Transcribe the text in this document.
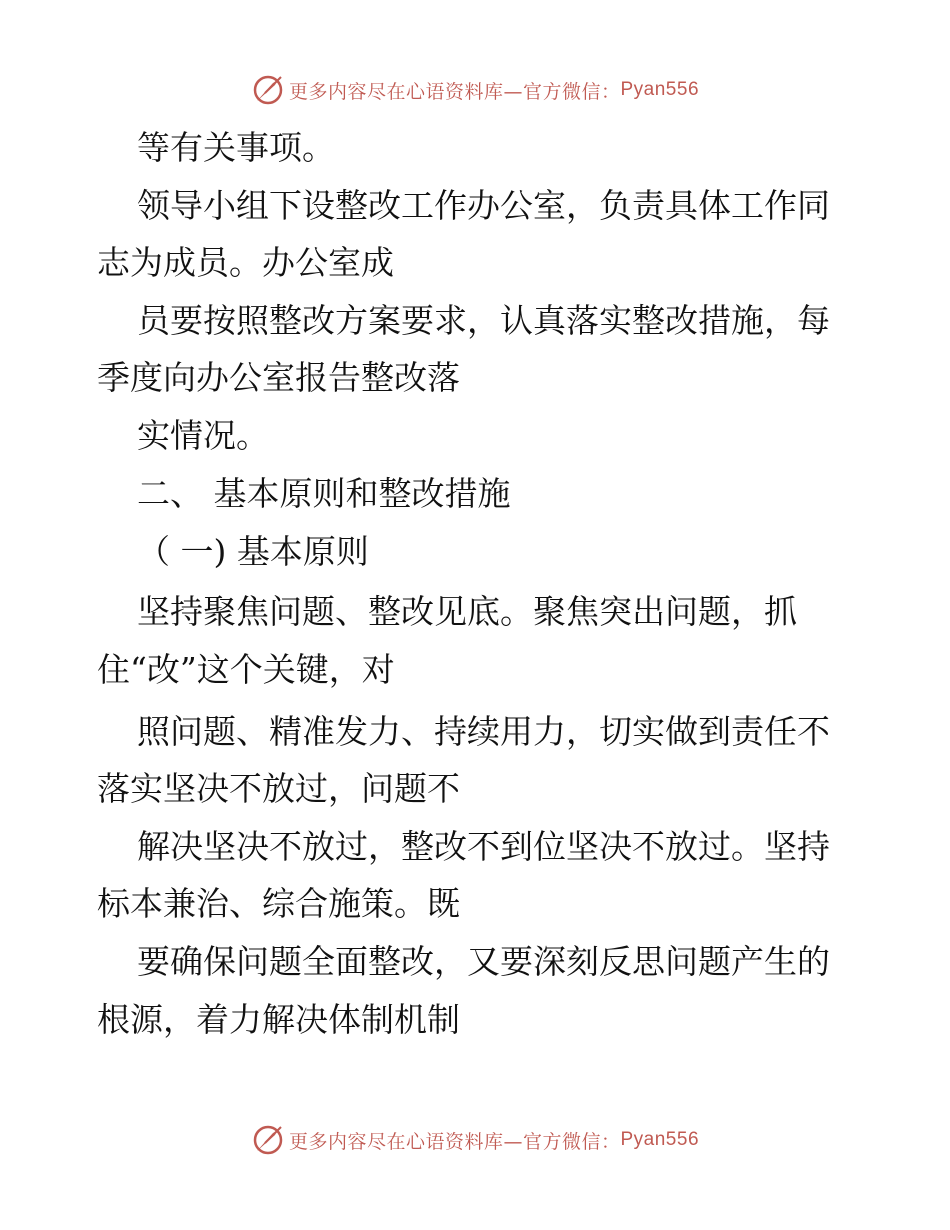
更多内容尽在心语资料库—官方微信： Pyan556
等有关事项。
领导小组下设整改工作办公室，负责具体工作同
志为成员。办公室成
员要按照整改方案要求，认真落实整改措施，每
季度向办公室报告整改落
实情况。
二、 基本原则和整改措施
（ 一) 基本原则
坚持聚焦问题、整改见底。聚焦突出问题，抓
住“改”这个关键，对
照问题、精准发力、持续用力，切实做到责任不
落实坚决不放过，问题不
解决坚决不放过，整改不到位坚决不放过。坚持
标本兼治、综合施策。既
要确保问题全面整改，又要深刻反思问题产生的
根源，着力解决体制机制
更多内容尽在心语资料库—官方微信： Pyan556
